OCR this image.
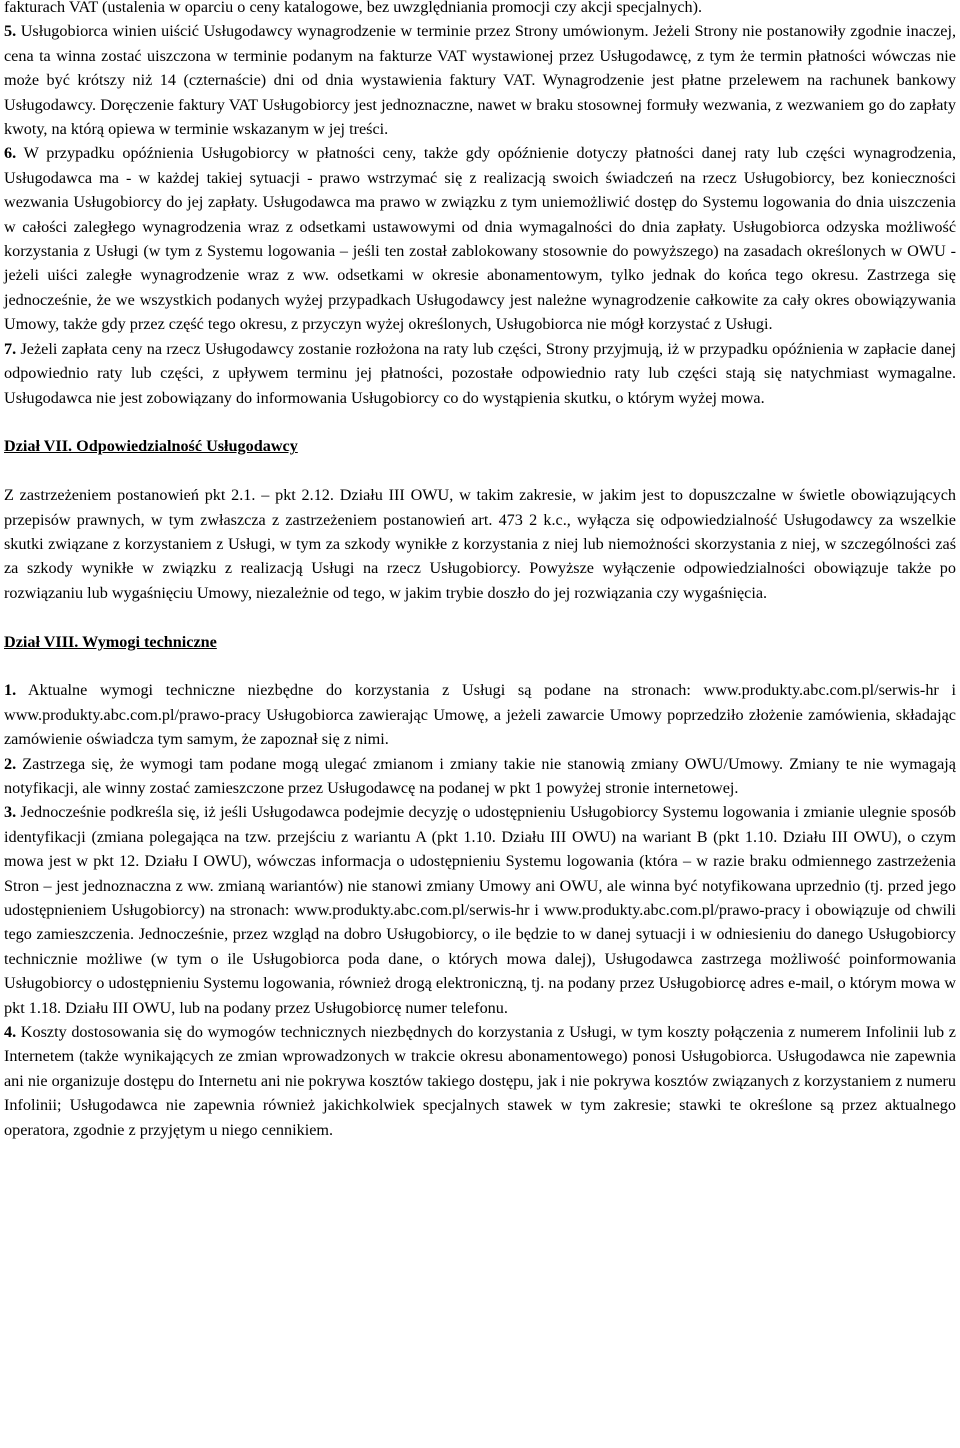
fakturach VAT (ustalenia w oparciu o ceny katalogowe, bez uwzględniania promocji czy akcji specjalnych).

5. Usługobiorca winien uiścić Usługodawcy wynagrodzenie w terminie przez Strony umówionym. Jeżeli Strony nie postanowiły zgodnie inaczej, cena ta winna zostać uiszczona w terminie podanym na fakturze VAT wystawionej przez Usługodawcę, z tym że termin płatności wówczas nie może być krótszy niż 14 (czternaście) dni od dnia wystawienia faktury VAT. Wynagrodzenie jest płatne przelewem na rachunek bankowy Usługodawcy. Doręczenie faktury VAT Usługobiorcy jest jednoznaczne, nawet w braku stosownej formuły wezwania, z wezwaniem go do zapłaty kwoty, na którą opiewa w terminie wskazanym w jej treści.

6. W przypadku opóźnienia Usługobiorcy w płatności ceny, także gdy opóźnienie dotyczy płatności danej raty lub części wynagrodzenia, Usługodawca ma - w każdej takiej sytuacji - prawo wstrzymać się z realizacją swoich świadczeń na rzecz Usługobiorcy, bez konieczności wezwania Usługobiorcy do jej zapłaty. Usługodawca ma prawo w związku z tym uniemożliwić dostęp do Systemu logowania do dnia uiszczenia w całości zaległego wynagrodzenia wraz z odsetkami ustawowymi od dnia wymagalności do dnia zapłaty. Usługobiorca odzyska możliwość korzystania z Usługi (w tym z Systemu logowania – jeśli ten został zablokowany stosownie do powyższego) na zasadach określonych w OWU - jeżeli uiści zaległe wynagrodzenie wraz z ww. odsetkami w okresie abonamentowym, tylko jednak do końca tego okresu. Zastrzega się jednocześnie, że we wszystkich podanych wyżej przypadkach Usługodawcy jest należne wynagrodzenie całkowite za cały okres obowiązywania Umowy, także gdy przez część tego okresu, z przyczyn wyżej określonych, Usługobiorca nie mógł korzystać z Usługi.

7. Jeżeli zapłata ceny na rzecz Usługodawcy zostanie rozłożona na raty lub części, Strony przyjmują, iż w przypadku opóźnienia w zapłacie danej odpowiednio raty lub części, z upływem terminu jej płatności, pozostałe odpowiednio raty lub części stają się natychmiast wymagalne. Usługodawca nie jest zobowiązany do informowania Usługobiorcy co do wystąpienia skutku, o którym wyżej mowa.

Dział VII. Odpowiedzialność Usługodawcy

Z zastrzeżeniem postanowień pkt 2.1. – pkt 2.12. Działu III OWU, w takim zakresie, w jakim jest to dopuszczalne w świetle obowiązujących przepisów prawnych, w tym zwłaszcza z zastrzeżeniem postanowień art. 473 2 k.c., wyłącza się odpowiedzialność Usługodawcy za wszelkie skutki związane z korzystaniem z Usługi, w tym za szkody wynikłe z korzystania z niej lub niemożności skorzystania z niej, w szczególności zaś za szkody wynikłe w związku z realizacją Usługi na rzecz Usługobiorcy. Powyższe wyłączenie odpowiedzialności obowiązuje także po rozwiązaniu lub wygaśnięciu Umowy, niezależnie od tego, w jakim trybie doszło do jej rozwiązania czy wygaśnięcia.

Dział VIII. Wymogi techniczne

1. Aktualne wymogi techniczne niezbędne do korzystania z Usługi są podane na stronach: www.produkty.abc.com.pl/serwis-hr i www.produkty.abc.com.pl/prawo-pracy Usługobiorca zawierając Umowę, a jeżeli zawarcie Umowy poprzedziło złożenie zamówienia, składając zamówienie oświadcza tym samym, że zapoznał się z nimi.

2. Zastrzega się, że wymogi tam podane mogą ulegać zmianom i zmiany takie nie stanowią zmiany OWU/Umowy. Zmiany te nie wymagają notyfikacji, ale winny zostać zamieszczone przez Usługodawcę na podanej w pkt 1 powyżej stronie internetowej.

3. Jednocześnie podkreśla się, iż jeśli Usługodawca podejmie decyzję o udostępnieniu Usługobiorcy Systemu logowania i zmianie ulegnie sposób identyfikacji (zmiana polegająca na tzw. przejściu z wariantu A (pkt 1.10. Działu III OWU) na wariant B (pkt 1.10. Działu III OWU), o czym mowa jest w pkt 12. Działu I OWU), wówczas informacja o udostępnieniu Systemu logowania (która – w razie braku odmiennego zastrzeżenia Stron – jest jednoznaczna z ww. zmianą wariantów) nie stanowi zmiany Umowy ani OWU, ale winna być notyfikowana uprzednio (tj. przed jego udostępnieniem Usługobiorcy) na stronach: www.produkty.abc.com.pl/serwis-hr i www.produkty.abc.com.pl/prawo-pracy i obowiązuje od chwili tego zamieszczenia. Jednocześnie, przez wzgląd na dobro Usługobiorcy, o ile będzie to w danej sytuacji i w odniesieniu do danego Usługobiorcy technicznie możliwe (w tym o ile Usługobiorca poda dane, o których mowa dalej), Usługodawca zastrzega możliwość poinformowania Usługobiorcy o udostępnieniu Systemu logowania, również drogą elektroniczną, tj. na podany przez Usługobiorcę adres e-mail, o którym mowa w pkt 1.18. Działu III OWU, lub na podany przez Usługobiorcę numer telefonu.

4. Koszty dostosowania się do wymogów technicznych niezbędnych do korzystania z Usługi, w tym koszty połączenia z numerem Infolinii lub z Internetem (także wynikających ze zmian wprowadzonych w trakcie okresu abonamentowego) ponosi Usługobiorca. Usługodawca nie zapewnia ani nie organizuje dostępu do Internetu ani nie pokrywa kosztów takiego dostępu, jak i nie pokrywa kosztów związanych z korzystaniem z numeru Infolinii; Usługodawca nie zapewnia również jakichkolwiek specjalnych stawek w tym zakresie; stawki te określone są przez aktualnego operatora, zgodnie z przyjętym u niego cennikiem.
